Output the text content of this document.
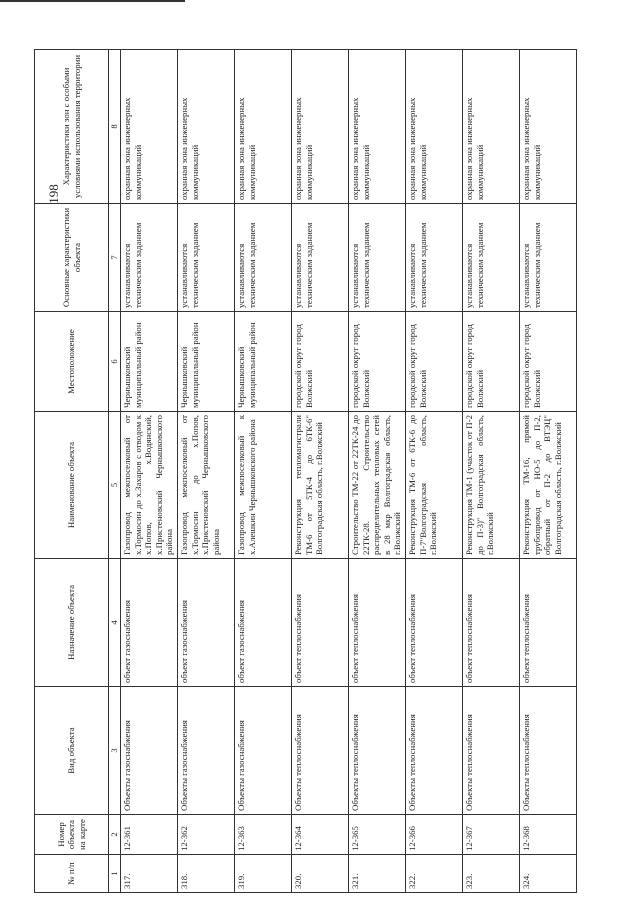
198
№ п/п	Номер объекта на карте	Вид объекта	Назначение объекта	Наименование объекта	Местоположение	Основные характеристики объекта	Характеристики зон с особыми условиями использования территории
1	2	3	4	5	6	7	8
317.	12-361	Объекты газоснабжения	объект газоснабжения	Газопровод межпоселковый от х.Тормосин до х.Захаров с отводом к х.Попов, х.Водянский, х.Пристеновский Чернышковского района	Чернышковский муниципальный район	устанавливаются техническим заданием	охранная зона инженерных коммуникаций
318.	12-362	Объекты газоснабжения	объект газоснабжения	Газопровод межпоселковый от х.Тормосин до х.Попов, х.Пристеновский Чернышковского района	Чернышковский муниципальный район	устанавливаются техническим заданием	охранная зона инженерных коммуникаций
319.	12-363	Объекты газоснабжения	объект газоснабжения	Газопровод межпоселковый к х.Алешкин Чернышковского района	Чернышковский муниципальный район	устанавливаются техническим заданием	охранная зона инженерных коммуникаций
320.	12-364	Объекты теплоснабжения	объект теплоснабжения	Реконструкция тепломагистрали ТМ-6 от 5ТК-4 до 6ТК-6" Волгоградская область, г.Волжский	городской округ город Волжский	устанавливаются техническим заданием	охранная зона инженерных коммуникаций
321.	12-365	Объекты теплоснабжения	объект теплоснабжения	Строительство ТМ-22 от 22ТК-24 до 22ТК-28. Строительство распределительных тепловых сетей в 28 мкр Волгоградская область, г.Волжский	городской округ город Волжский	устанавливаются техническим заданием	охранная зона инженерных коммуникаций
322.	12-366	Объекты теплоснабжения	объект теплоснабжения	Реконструкция ТМ-6 от 6ТК-6 до П-7"Волгоградская область, г.Волжский	городской округ город Волжский	устанавливаются техническим заданием	охранная зона инженерных коммуникаций
323.	12-367	Объекты теплоснабжения	объект теплоснабжения	Реконструкция ТМ-1 (участок от П-2 до П-3)" Волгоградская область, г.Волжский	городской округ город Волжский	устанавливаются техническим заданием	охранная зона инженерных коммуникаций
324.	12-368	Объекты теплоснабжения	объект теплоснабжения	Реконструкция ТМ-16, прямой трубопровод от НО-5 до П-2, обратный от П-2 до ВТЭЦ" Волгоградская область, г.Волжский	городской округ город Волжский	устанавливаются техническим заданием	охранная зона инженерных коммуникаций
